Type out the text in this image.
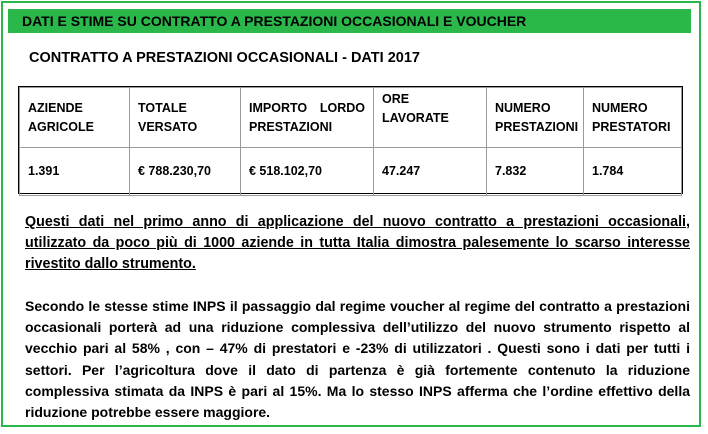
DATI E STIME SU CONTRATTO A PRESTAZIONI OCCASIONALI E VOUCHER
CONTRATTO A PRESTAZIONI OCCASIONALI - DATI 2017
AZIENDE AGRICOLE	TOTALE VERSATO	IMPORTO LORDO PRESTAZIONI	ORE LAVORATE	NUMERO PRESTAZIONI	NUMERO PRESTATORI

1.391	€ 788.230,70	€ 518.102,70	47.247	7.832	1.784

Questi dati nel primo anno di applicazione del nuovo contratto a prestazioni occasionali, utilizzato da poco più di 1000 aziende in tutta Italia dimostra palesemente lo scarso interesse rivestito dallo strumento.

Secondo le stesse stime INPS il passaggio dal regime voucher al regime del contratto a prestazioni occasionali porterà ad una riduzione complessiva dell’utilizzo del nuovo strumento rispetto al vecchio pari al 58% , con – 47% di prestatori e -23% di utilizzatori . Questi sono i dati per tutti i settori. Per l’agricoltura dove il dato di partenza è già fortemente contenuto la riduzione complessiva stimata da INPS è pari al 15%. Ma lo stesso INPS afferma che l’ordine effettivo della riduzione potrebbe essere maggiore.
